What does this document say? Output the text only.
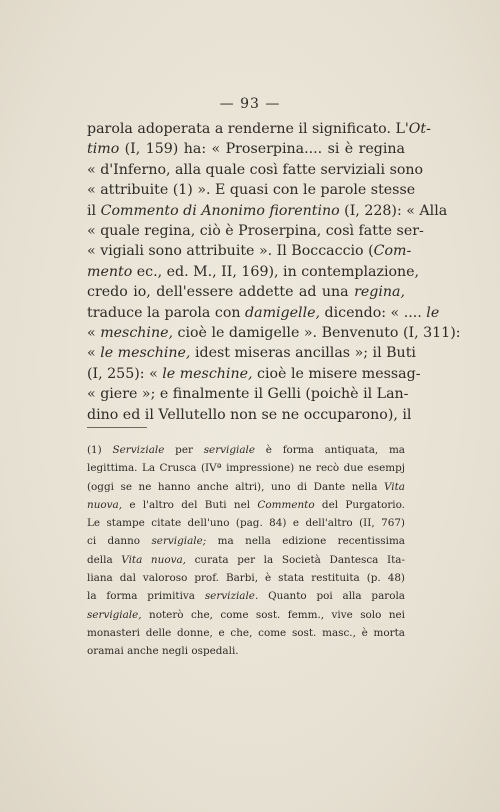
— 93 —
parola adoperata a renderne il significato. L'Ot-
timo (I, 159) ha: « Proserpina.... si è regina
« d'Inferno, alla quale così fatte serviziali sono
« attribuite (1) ». E quasi con le parole stesse
il Commento di Anonimo fiorentino (I, 228): « Alla
« quale regina, ciò è Proserpina, così fatte ser-
« vigiali sono attribuite ». Il Boccaccio (Com-
mento ec., ed. M., II, 169), in contemplazione,
credo io, dell'essere addette ad una regina,
traduce la parola con damigelle, dicendo: « .... le
« meschine, cioè le damigelle ». Benvenuto (I, 311):
« le meschine, idest miseras ancillas »; il Buti
(I, 255): « le meschine, cioè le misere messag-
« giere »; e finalmente il Gelli (poichè il Lan-
dino ed il Vellutello non se ne occuparono), il
(1) Serviziale per servigiale è forma antiquata, ma
legittima. La Crusca (IVª impressione) ne recò due esempj
(oggi se ne hanno anche altri), uno di Dante nella Vita
nuova, e l'altro del Buti nel Commento del Purgatorio.
Le stampe citate dell'uno (pag. 84) e dell'altro (II, 767)
ci danno servigiale; ma nella edizione recentissima
della Vita nuova, curata per la Società Dantesca Ita-
liana dal valoroso prof. Barbi, è stata restituita (p. 48)
la forma primitiva serviziale. Quanto poi alla parola
servigiale, noterò che, come sost. femm., vive solo nei
monasteri delle donne, e che, come sost. masc., è morta
oramai anche negli ospedali.
